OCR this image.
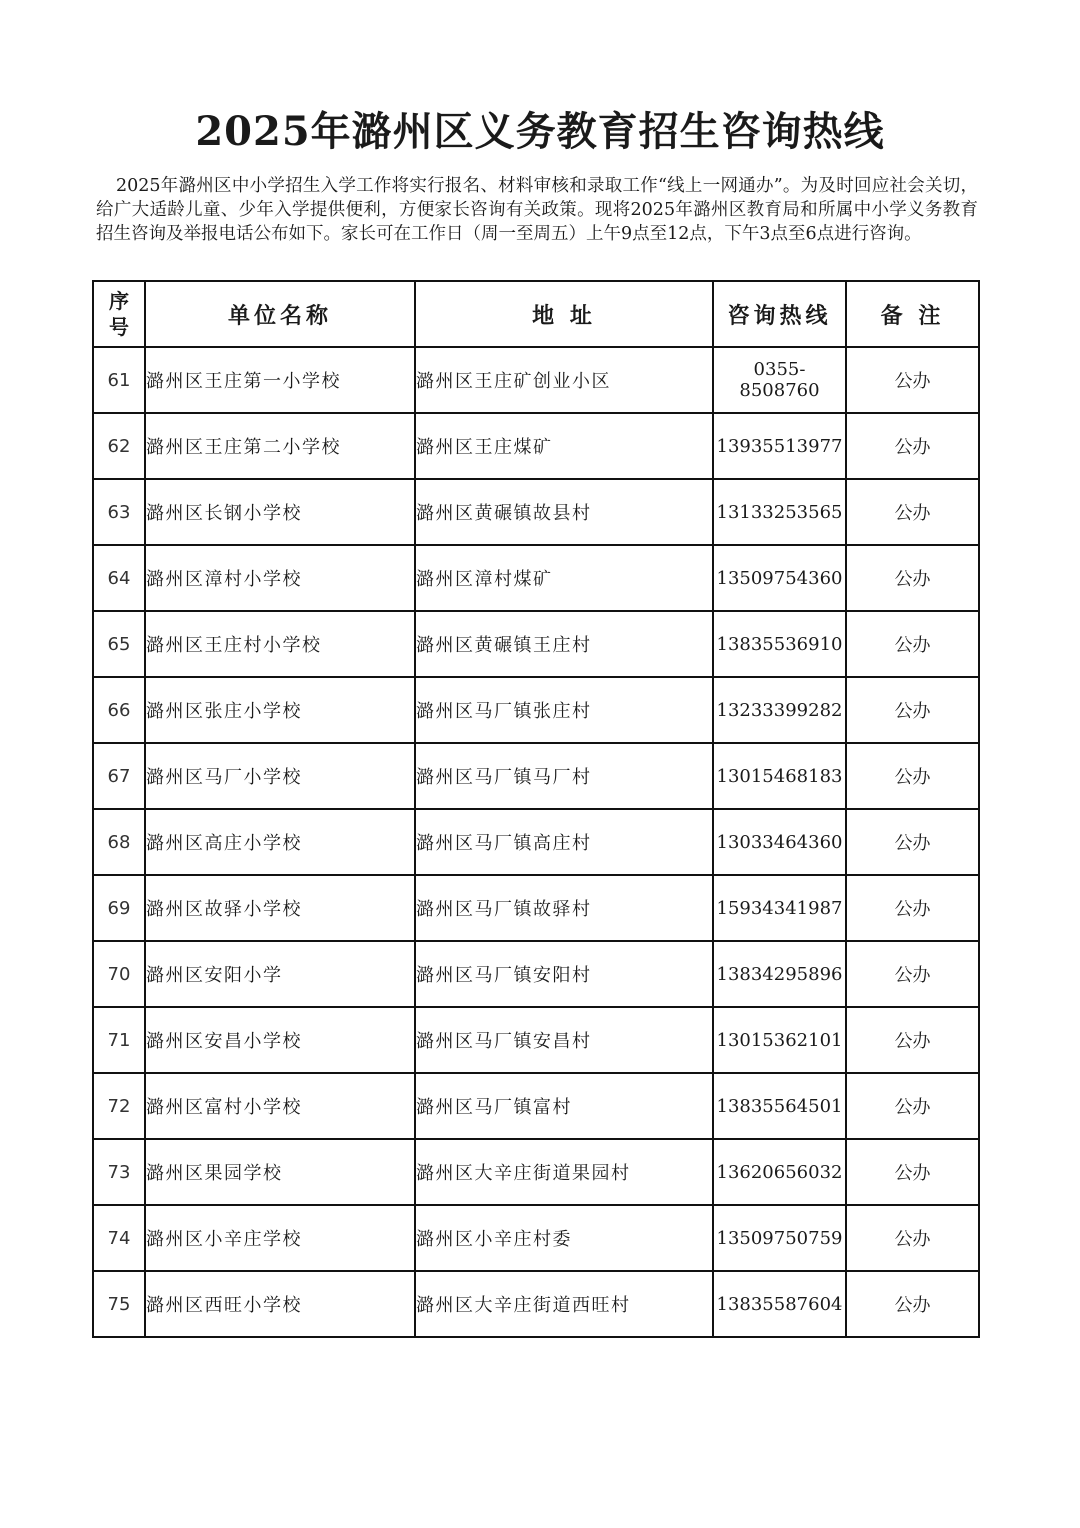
2025年潞州区义务教育招生咨询热线
2025年潞州区中小学招生入学工作将实行报名、材料审核和录取工作“线上一网通办”。为及时回应社会关切，给广大适龄儿童、少年入学提供便利，方便家长咨询有关政策。现将2025年潞州区教育局和所属中小学义务教育招生咨询及举报电话公布如下。家长可在工作日（周一至周五）上午9点至12点，下午3点至6点进行咨询。
序
号	单位名称	地 址	咨询热线	备 注
61	潞州区王庄第一小学校	潞州区王庄矿创业小区	0355-8508760	公办
62	潞州区王庄第二小学校	潞州区王庄煤矿	13935513977	公办
63	潞州区长钢小学校	潞州区黄碾镇故县村	13133253565	公办
64	潞州区漳村小学校	潞州区漳村煤矿	13509754360	公办
65	潞州区王庄村小学校	潞州区黄碾镇王庄村	13835536910	公办
66	潞州区张庄小学校	潞州区马厂镇张庄村	13233399282	公办
67	潞州区马厂小学校	潞州区马厂镇马厂村	13015468183	公办
68	潞州区高庄小学校	潞州区马厂镇高庄村	13033464360	公办
69	潞州区故驿小学校	潞州区马厂镇故驿村	15934341987	公办
70	潞州区安阳小学	潞州区马厂镇安阳村	13834295896	公办
71	潞州区安昌小学校	潞州区马厂镇安昌村	13015362101	公办
72	潞州区富村小学校	潞州区马厂镇富村	13835564501	公办
73	潞州区果园学校	潞州区大辛庄街道果园村	13620656032	公办
74	潞州区小辛庄学校	潞州区小辛庄村委	13509750759	公办
75	潞州区西旺小学校	潞州区大辛庄街道西旺村	13835587604	公办
